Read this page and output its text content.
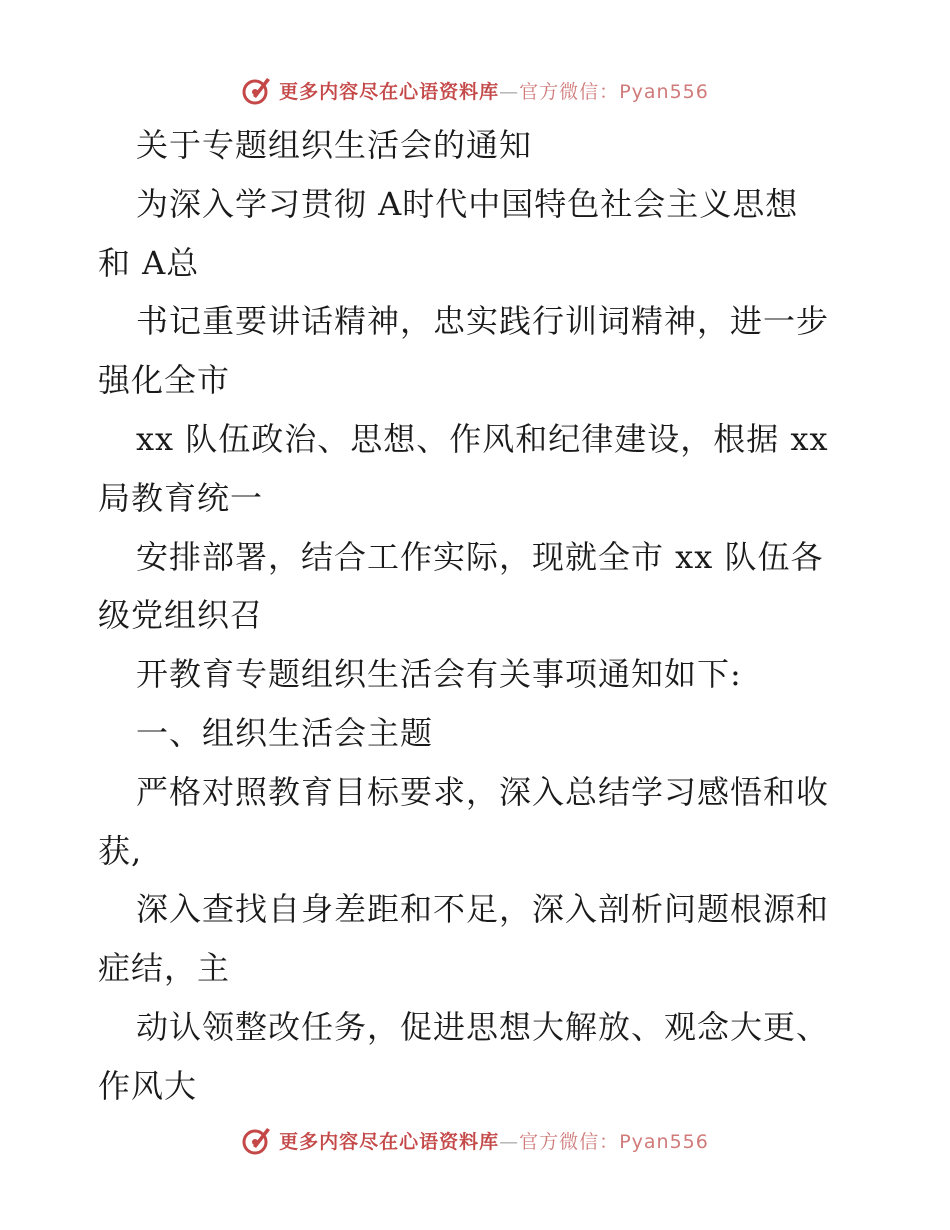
更多内容尽在心语资料库—官方微信：Pyan556
关于专题组织生活会的通知
为深入学习贯彻 A时代中国特色社会主义思想
和 A总
书记重要讲话精神，忠实践行训词精神，进一步
强化全市
xx 队伍政治、思想、作风和纪律建设，根据 xx
局教育统一
安排部署，结合工作实际，现就全市 xx 队伍各
级党组织召
开教育专题组织生活会有关事项通知如下:
一、组织生活会主题
严格对照教育目标要求，深入总结学习感悟和收
获,
深入查找自身差距和不足，深入剖析问题根源和
症结，主
动认领整改任务，促进思想大解放、观念大更、
作风大
更多内容尽在心语资料库—官方微信：Pyan556
